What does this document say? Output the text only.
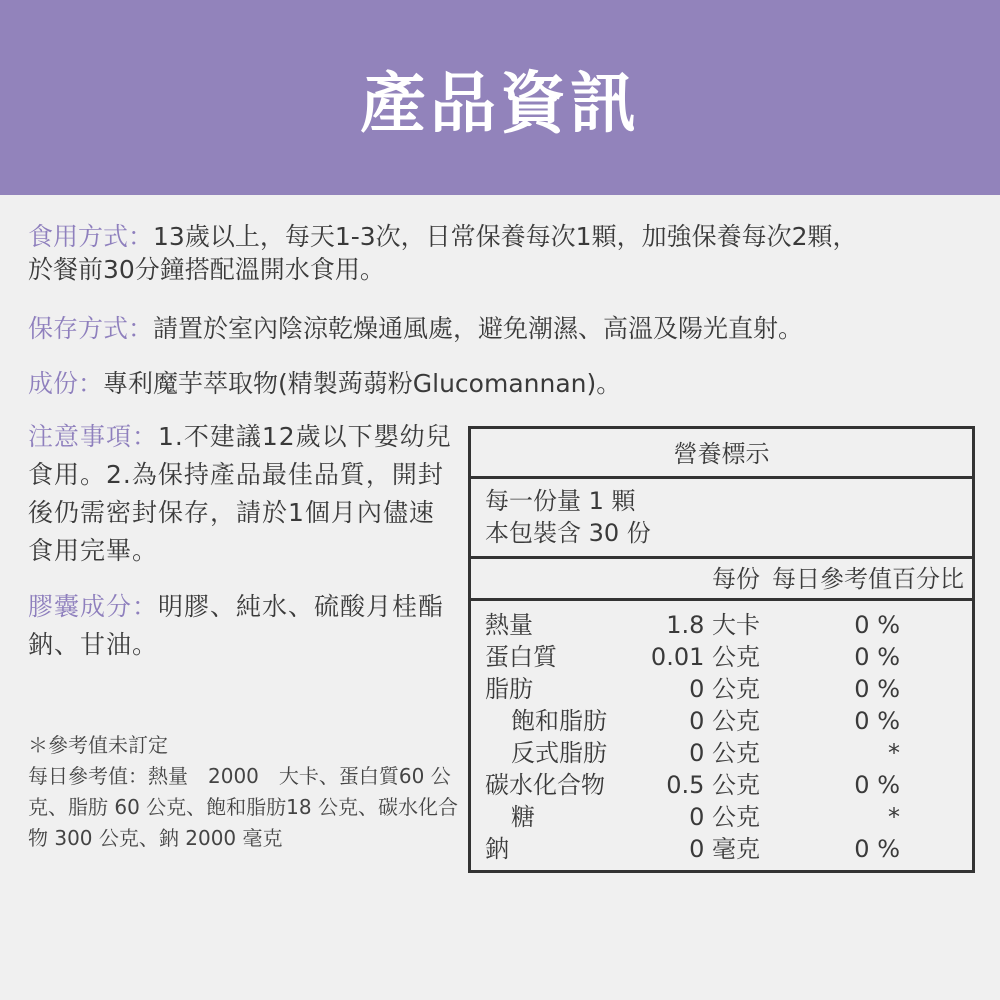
產品資訊
食用方式：13歲以上，每天1-3次，日常保養每次1顆，加強保養每次2顆，
於餐前30分鐘搭配溫開水食用。
保存方式：請置於室內陰涼乾燥通風處，避免潮濕、高溫及陽光直射。
成份：專利魔芋萃取物(精製蒟蒻粉Glucomannan)。
注意事項：1.不建議12歲以下嬰幼兒食用。2.為保持產品最佳品質，開封後仍需密封保存，請於1個月內儘速食用完畢。
膠囊成分：明膠、純水、硫酸月桂酯鈉、甘油。
＊參考值未訂定
每日參考值：熱量　2000　大卡、蛋白質60 公克、脂肪 60 公克、飽和脂肪18 公克、碳水化合物 300 公克、鈉 2000 毫克
營養標示
每一份量 1 顆
本包裝含 30 份
每份 每日參考值百分比
熱量	1.8 大卡	0 %
蛋白質	0.01 公克	0 %
脂肪	0 公克	0 %
飽和脂肪	0 公克	0 %
反式脂肪	0 公克	*
碳水化合物	0.5 公克	0 %
糖	0 公克	*
鈉	0 毫克	0 %
